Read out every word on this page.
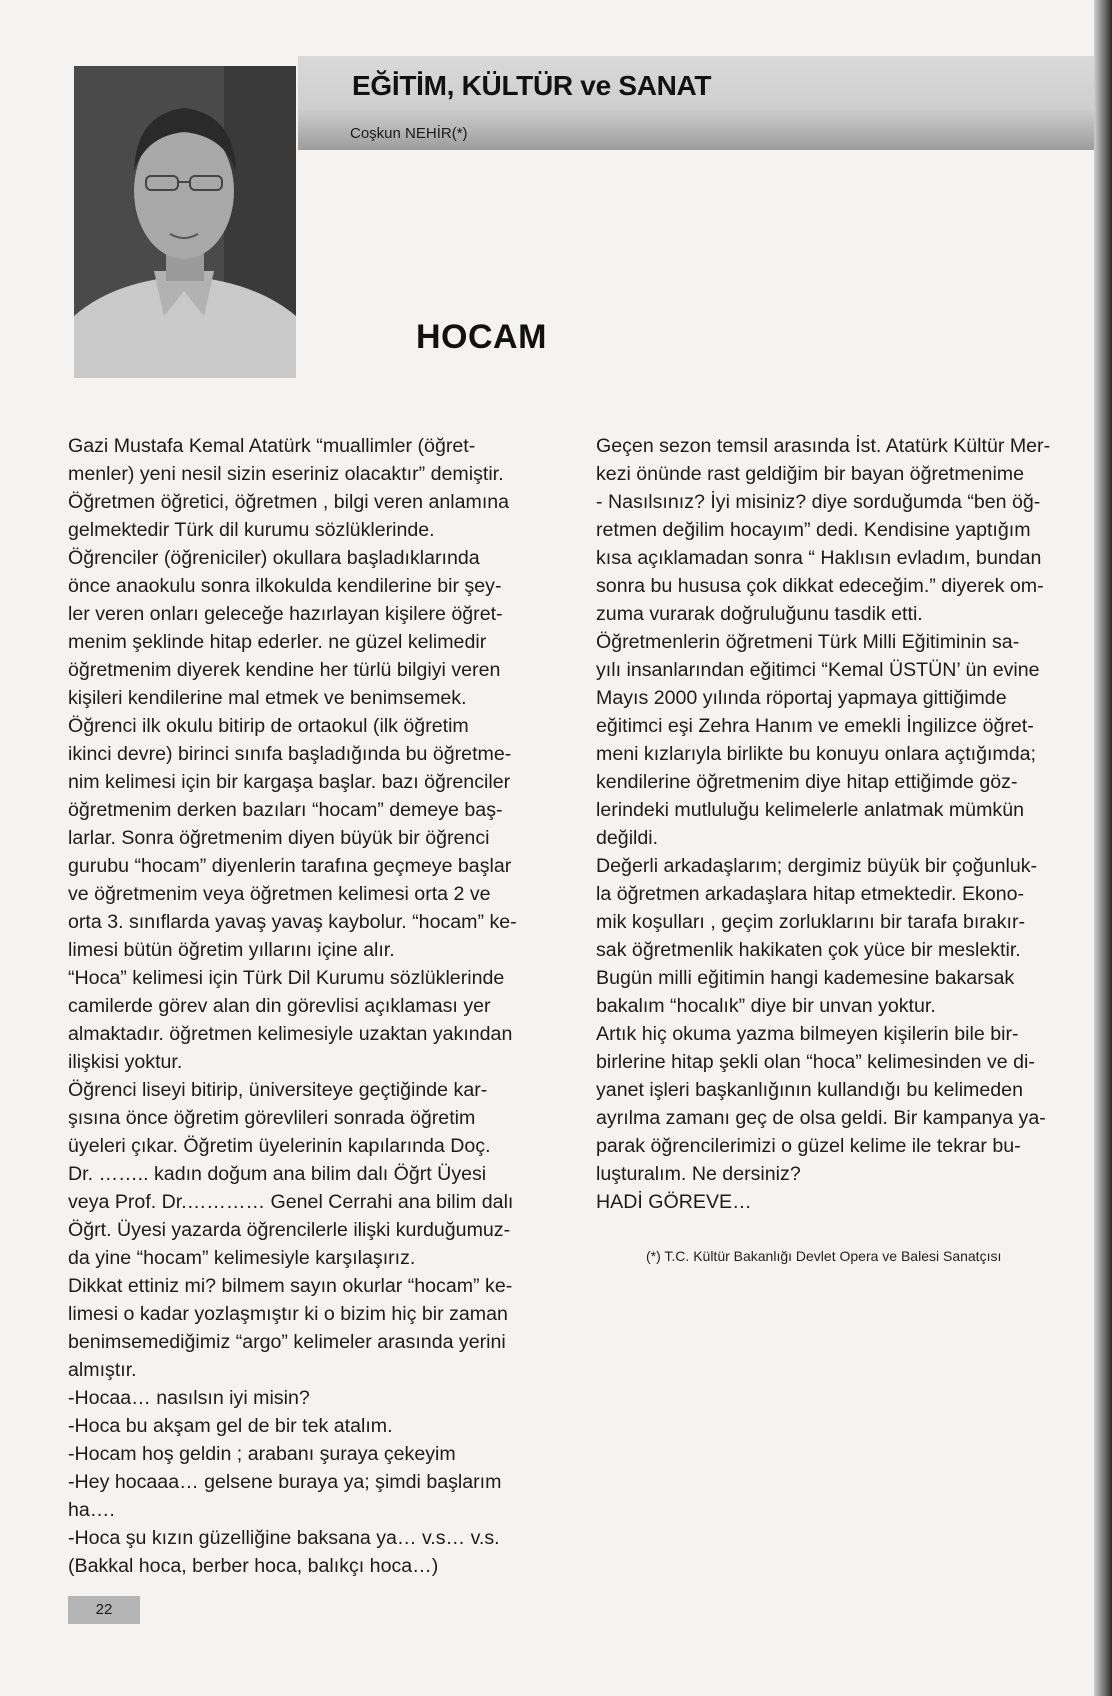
EĞİTİM, KÜLTÜR ve SANAT
Coşkun NEHİR(*)
HOCAM

Gazi Mustafa Kemal Atatürk “muallimler (öğret-

menler) yeni nesil sizin eseriniz olacaktır” demiştir.

Öğretmen öğretici, öğretmen , bilgi veren anlamına

gelmektedir Türk dil kurumu sözlüklerinde.

Öğrenciler (öğreniciler) okullara başladıklarında

önce anaokulu sonra ilkokulda kendilerine bir şey-

ler veren onları geleceğe hazırlayan kişilere öğret-

menim şeklinde hitap ederler. ne güzel kelimedir

öğretmenim diyerek kendine her türlü bilgiyi veren

kişileri kendilerine mal etmek ve benimsemek.

Öğrenci ilk okulu bitirip de ortaokul (ilk öğretim

ikinci devre) birinci sınıfa başladığında bu öğretme-

nim kelimesi için bir kargaşa başlar. bazı öğrenciler

öğretmenim derken bazıları “hocam” demeye baş-

larlar. Sonra öğretmenim diyen büyük bir öğrenci

gurubu “hocam” diyenlerin tarafına geçmeye başlar

ve öğretmenim veya öğretmen kelimesi orta 2 ve

orta 3. sınıflarda yavaş yavaş kaybolur. “hocam” ke-

limesi bütün öğretim yıllarını içine alır.

“Hoca” kelimesi için Türk Dil Kurumu sözlüklerinde

camilerde görev alan din görevlisi açıklaması yer

almaktadır. öğretmen kelimesiyle uzaktan yakından

ilişkisi yoktur.

Öğrenci liseyi bitirip, üniversiteye geçtiğinde kar-

şısına önce öğretim görevlileri sonrada öğretim

üyeleri çıkar. Öğretim üyelerinin kapılarında Doç.

Dr. …….. kadın doğum ana bilim dalı Öğrt Üyesi

veya Prof. Dr.………… Genel Cerrahi ana bilim dalı

Öğrt. Üyesi yazarda öğrencilerle ilişki kurduğumuz-

da yine “hocam” kelimesiyle karşılaşırız.

Dikkat ettiniz mi? bilmem sayın okurlar “hocam” ke-

limesi o kadar yozlaşmıştır ki o bizim hiç bir zaman

benimsemediğimiz “argo” kelimeler arasında yerini

almıştır.

-Hocaa… nasılsın iyi misin?

-Hoca bu akşam gel de bir tek atalım.

-Hocam hoş geldin ; arabanı şuraya çekeyim

-Hey hocaaa… gelsene buraya ya; şimdi başlarım

ha….

-Hoca şu kızın güzelliğine baksana ya… v.s… v.s.

(Bakkal hoca, berber hoca, balıkçı hoca…)

Geçen sezon temsil arasında İst. Atatürk Kültür Mer-

kezi önünde rast geldiğim bir bayan öğretmenime

- Nasılsınız? İyi misiniz? diye sorduğumda “ben öğ-

retmen değilim hocayım” dedi. Kendisine yaptığım

kısa açıklamadan sonra “ Haklısın evladım, bundan

sonra bu hususa çok dikkat edeceğim.” diyerek om-

zuma vurarak doğruluğunu tasdik etti.

Öğretmenlerin öğretmeni Türk Milli Eğitiminin sa-

yılı insanlarından eğitimci “Kemal ÜSTÜN’ ün evine

Mayıs 2000 yılında röportaj yapmaya gittiğimde

eğitimci eşi Zehra Hanım ve emekli İngilizce öğret-

meni kızlarıyla birlikte bu konuyu onlara açtığımda;

kendilerine öğretmenim diye hitap ettiğimde göz-

lerindeki mutluluğu kelimelerle anlatmak mümkün

değildi.

Değerli arkadaşlarım; dergimiz büyük bir çoğunluk-

la öğretmen arkadaşlara hitap etmektedir. Ekono-

mik koşulları , geçim zorluklarını bir tarafa bırakır-

sak öğretmenlik hakikaten çok yüce bir meslektir.

Bugün milli eğitimin hangi kademesine bakarsak

bakalım “hocalık” diye bir unvan yoktur.

Artık hiç okuma yazma bilmeyen kişilerin bile bir-

birlerine hitap şekli olan “hoca” kelimesinden ve di-

yanet işleri başkanlığının kullandığı bu kelimeden

ayrılma zamanı geç de olsa geldi. Bir kampanya ya-

parak öğrencilerimizi o güzel kelime ile tekrar bu-

luşturalım. Ne dersiniz?

HADİ GÖREVE…

(*) T.C. Kültür Bakanlığı Devlet Opera ve Balesi Sanatçısı
22
